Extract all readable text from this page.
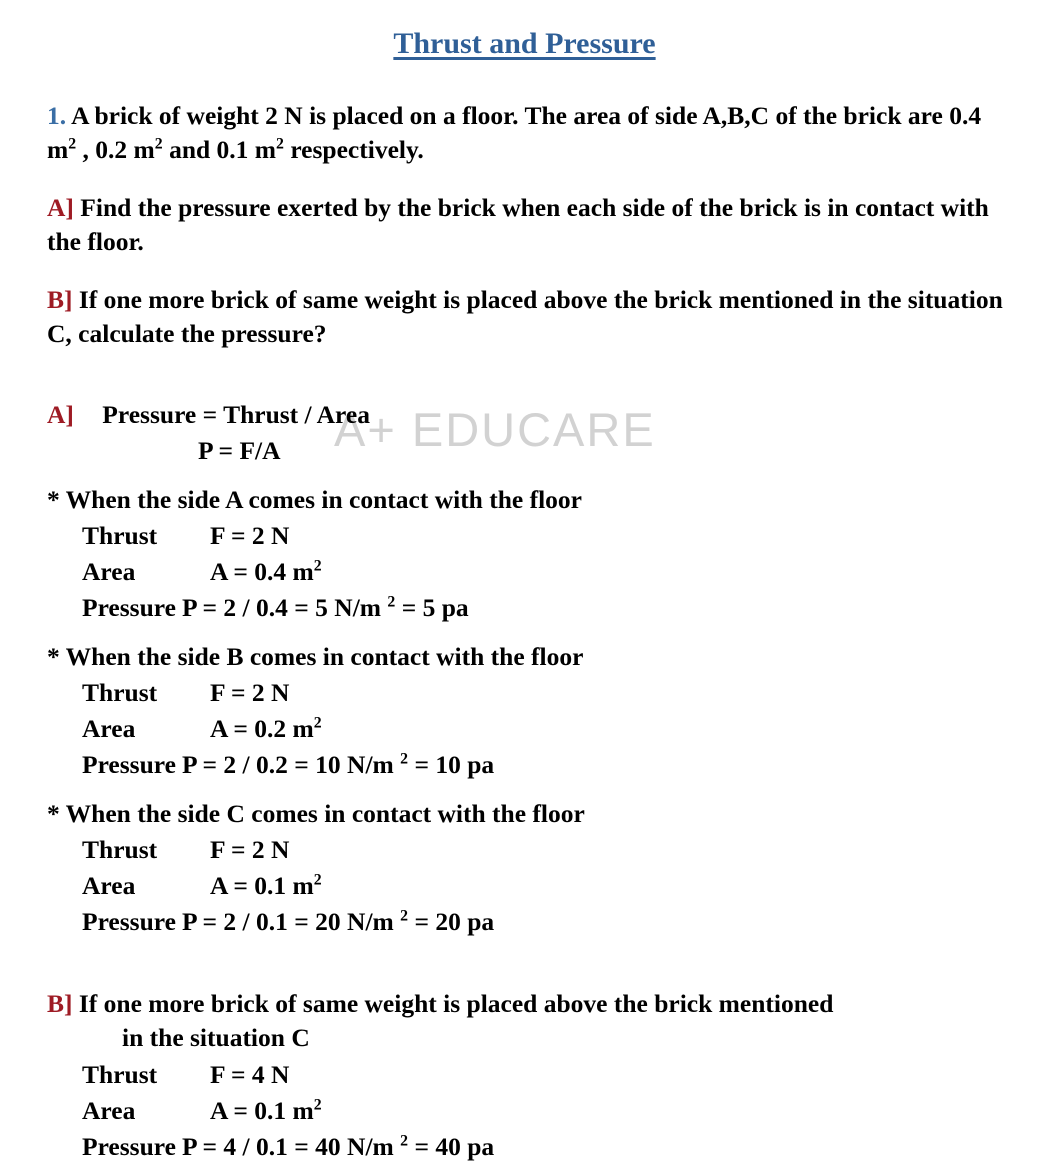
A+ EDUCARE
Thrust and Pressure

1. A brick of weight 2 N is placed on a floor. The area of side A,B,C of the brick are 0.4 $m^2$ , 0.2 $m^2$ and 0.1 $m^2$ respectively.

A] Find the pressure exerted by the brick when each side of the brick is in contact with the floor.

B] If one more brick of same weight is placed above the brick mentioned in the situation C, calculate the pressure?

A] Pressure = Thrust / Area
P = F/A
* When the side A comes in contact with the floor
Thrust F = 2 N
Area	A = 0.4 $m^2$
Pressure P = 2 / 0.4 = 5 N/m $^2$ = 5 pa
* When the side B comes in contact with the floor
Thrust F = 2 N
Area	A = 0.2 $m^2$
Pressure P = 2 / 0.2 = 10 N/m $^2$ = 10 pa
* When the side C comes in contact with the floor
Thrust F = 2 N
Area	A = 0.1 $m^2$
Pressure P = 2 / 0.1 = 20 N/m $^2$ = 20 pa
B] If one more brick of same weight is placed above the brick mentioned
in the situation C
Thrust F = 4 N
Area	A = 0.1 $m^2$
Pressure P = 4 / 0.1 = 40 N/m $^2$ = 40 pa
